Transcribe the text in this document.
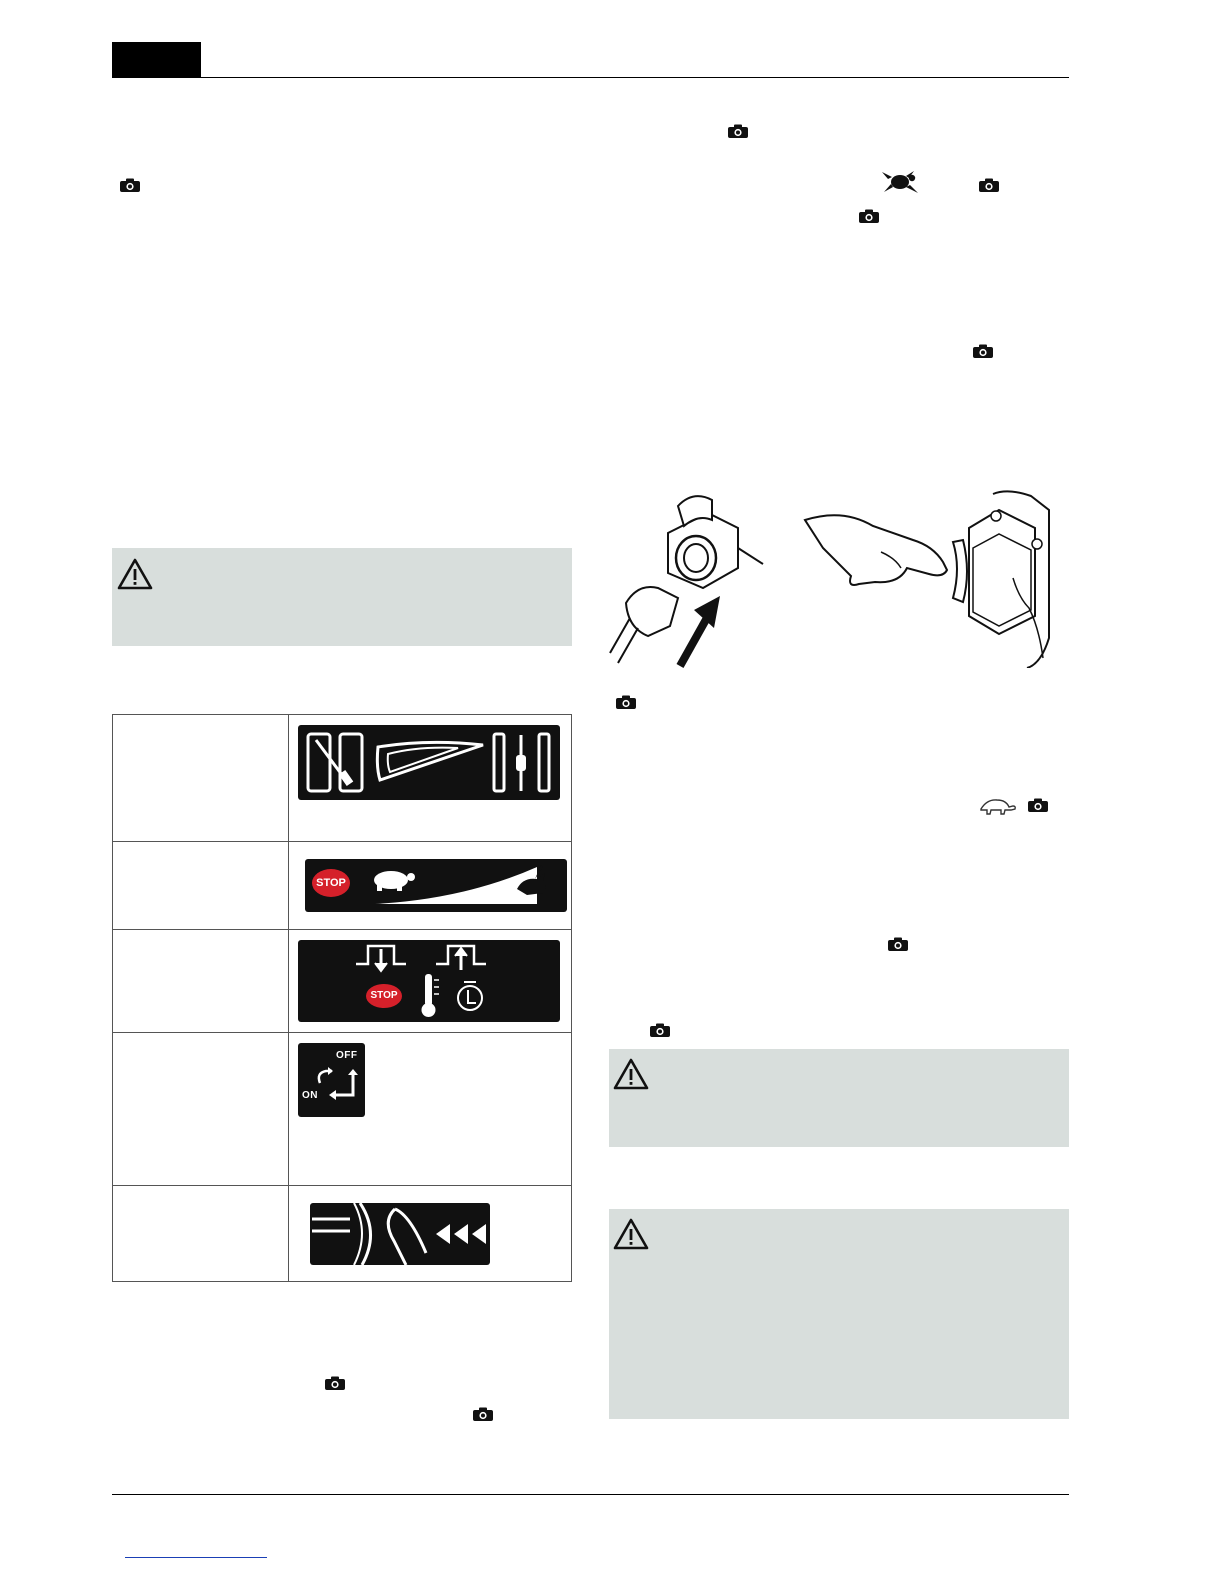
STOP
STOP
OFF
ON
